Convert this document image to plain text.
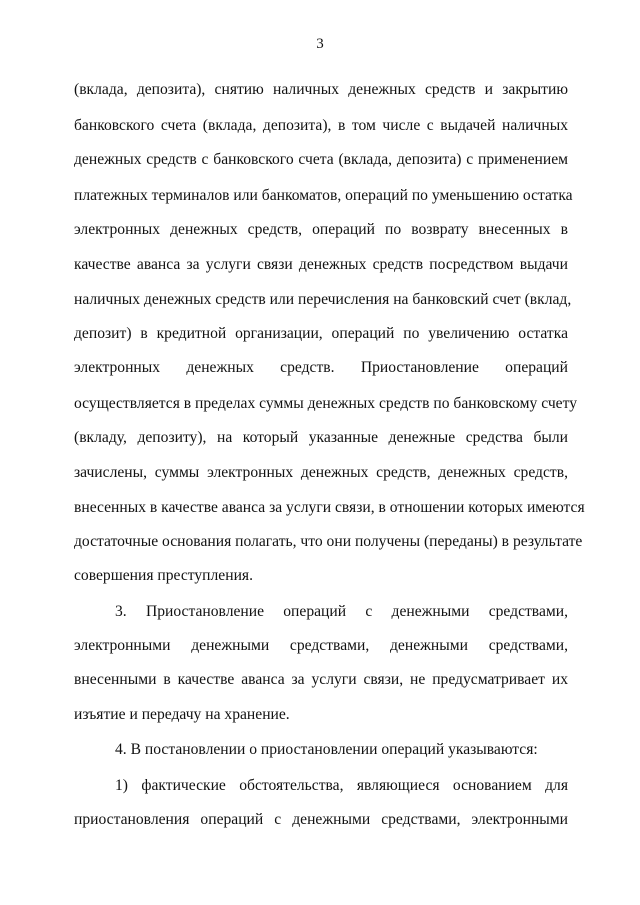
3
(вклада, депозита), снятию наличных денежных средств и закрытию
банковского счета (вклада, депозита), в том числе с выдачей наличных
денежных средств с банковского счета (вклада, депозита) с применением
платежных терминалов или банкоматов, операций по уменьшению остатка
электронных денежных средств, операций по возврату внесенных в
качестве аванса за услуги связи денежных средств посредством выдачи
наличных денежных средств или перечисления на банковский счет (вклад,
депозит) в кредитной организации, операций по увеличению остатка
электронных денежных средств. Приостановление операций
осуществляется в пределах суммы денежных средств по банковскому счету
(вкладу, депозиту), на который указанные денежные средства были
зачислены, суммы электронных денежных средств, денежных средств,
внесенных в качестве аванса за услуги связи, в отношении которых имеются
достаточные основания полагать, что они получены (переданы) в результате
совершения преступления.
3. Приостановление операций с денежными средствами,
электронными денежными средствами, денежными средствами,
внесенными в качестве аванса за услуги связи, не предусматривает их
изъятие и передачу на хранение.
4. В постановлении о приостановлении операций указываются:
1) фактические обстоятельства, являющиеся основанием для
приостановления операций с денежными средствами, электронными
